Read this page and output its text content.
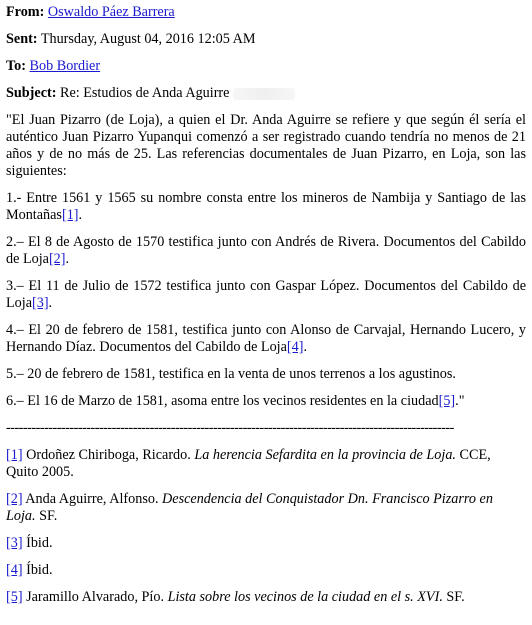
From: Oswaldo Páez Barrera
Sent: Thursday, August 04, 2016 12:05 AM
To: Bob Bordier
Subject: Re: Estudios de Anda Aguirre

"El Juan Pizarro (de Loja), a quien el Dr. Anda Aguirre se refiere y que según él sería el auténtico Juan Pizarro Yupanqui comenzó a ser registrado cuando tendría no menos de 21 años y de no más de 25. Las referencias documentales de Juan Pizarro, en Loja, son las siguientes:

1.- Entre 1561 y 1565 su nombre consta entre los mineros de Nambija y Santiago de las Montañas[1].

2.– El 8 de Agosto de 1570 testifica junto con Andrés de Rivera. Documentos del Cabildo de Loja[2].

3.– El 11 de Julio de 1572 testifica junto con Gaspar López. Documentos del Cabildo de Loja[3].

4.– El 20 de febrero de 1581, testifica junto con Alonso de Carvajal, Hernando Lucero, y Hernando Díaz. Documentos del Cabildo de Loja[4].

5.– 20 de febrero de 1581, testifica en la venta de unos terrenos a los agustinos.

6.– El 16 de Marzo de 1581, asoma entre los vecinos residentes en la ciudad[5]."

----------------------------------------------------------------------------------------------------------
[1] Ordoñez Chiriboga, Ricardo. La herencia Sefardita en la provincia de Loja. CCE, Quito 2005.
[2] Anda Aguirre, Alfonso. Descendencia del Conquistador Dn. Francisco Pizarro en Loja. SF.
[3] Íbid.
[4] Íbid.
[5] Jaramillo Alvarado, Pío. Lista sobre los vecinos de la ciudad en el s. XVI. SF.
